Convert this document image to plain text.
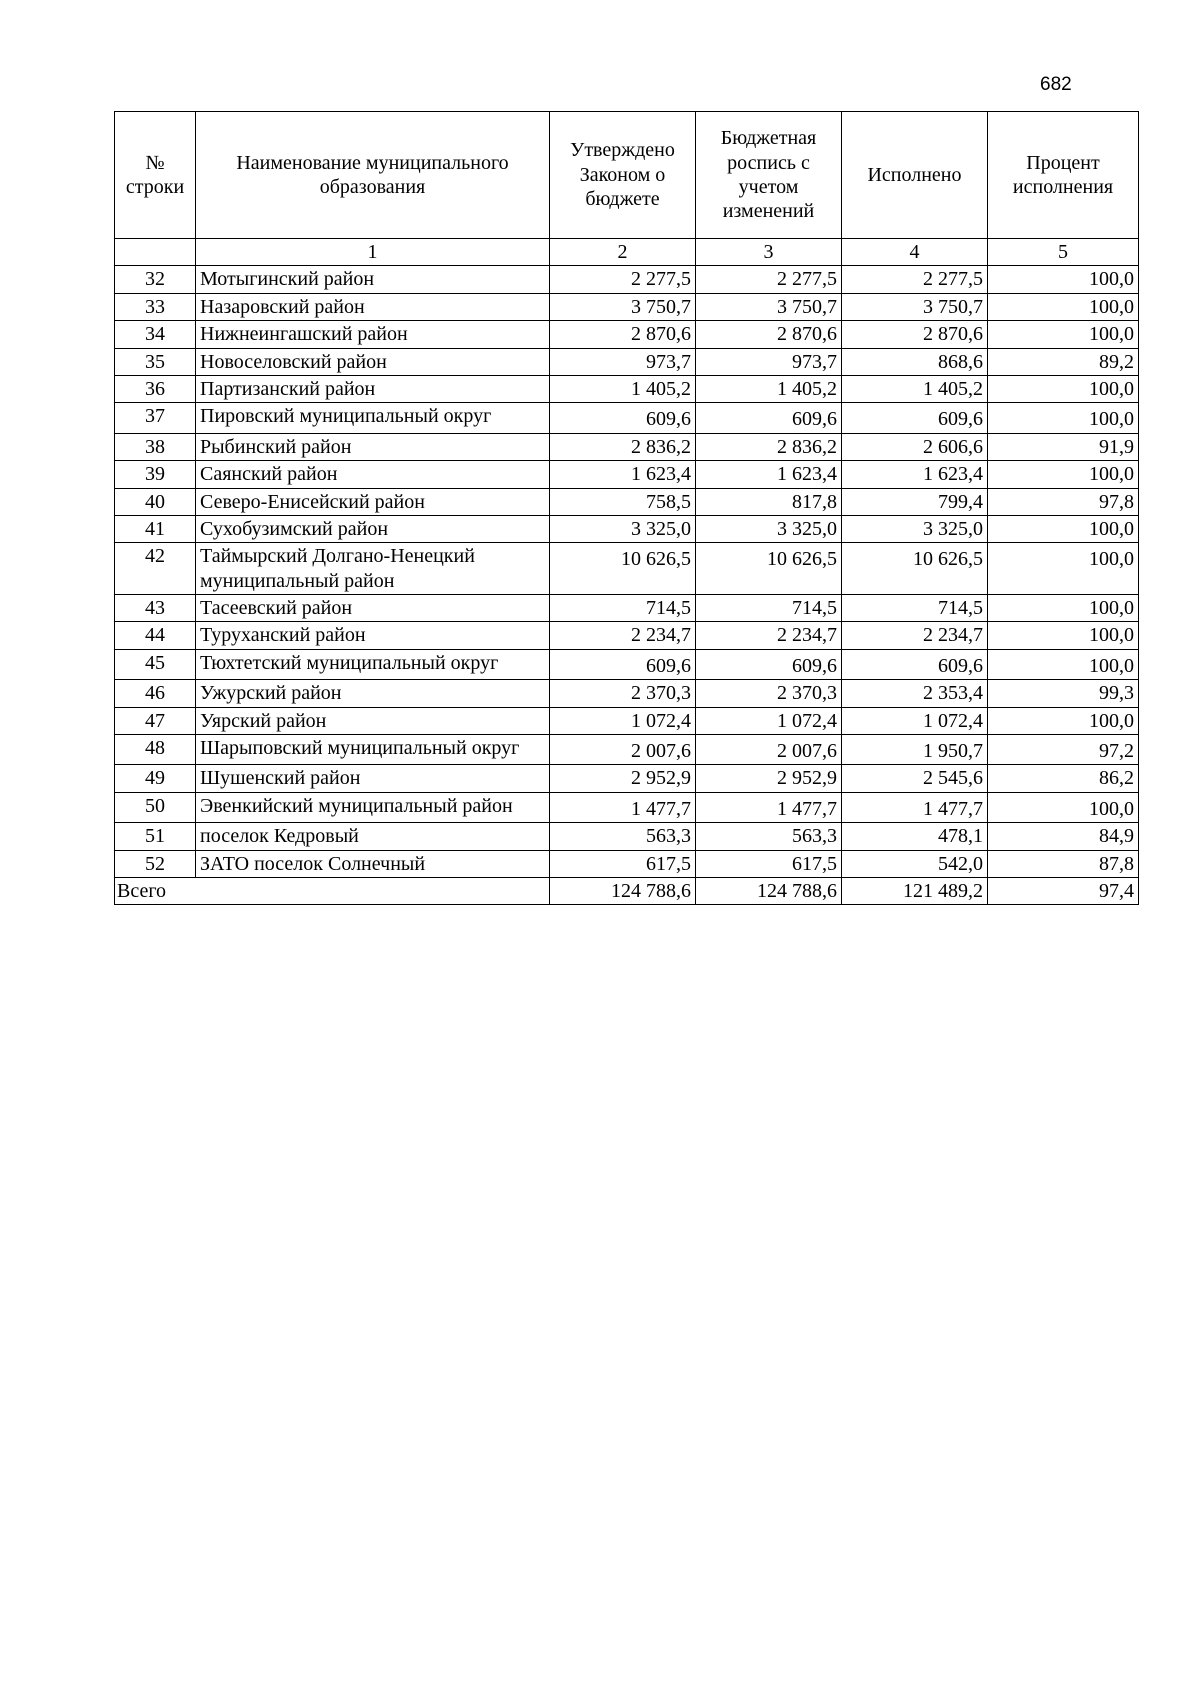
682
№ строки	Наименование муниципального образования	Утверждено Законом о бюджете	Бюджетная роспись с учетом изменений	Исполнено	Процент исполнения
	1	2	3	4	5
32	Мотыгинский район	2 277,5	2 277,5	2 277,5	100,0
33	Назаровский район	3 750,7	3 750,7	3 750,7	100,0
34	Нижнеингашский район	2 870,6	2 870,6	2 870,6	100,0
35	Новоселовский район	973,7	973,7	868,6	89,2
36	Партизанский район	1 405,2	1 405,2	1 405,2	100,0
37	Пировский муниципальный округ	609,6	609,6	609,6	100,0
38	Рыбинский район	2 836,2	2 836,2	2 606,6	91,9
39	Саянский район	1 623,4	1 623,4	1 623,4	100,0
40	Северо-Енисейский район	758,5	817,8	799,4	97,8
41	Сухобузимский район	3 325,0	3 325,0	3 325,0	100,0
42	Таймырский Долгано-Ненецкий муниципальный район	10 626,5	10 626,5	10 626,5	100,0
43	Тасеевский район	714,5	714,5	714,5	100,0
44	Туруханский район	2 234,7	2 234,7	2 234,7	100,0
45	Тюхтетский муниципальный округ	609,6	609,6	609,6	100,0
46	Ужурский район	2 370,3	2 370,3	2 353,4	99,3
47	Уярский район	1 072,4	1 072,4	1 072,4	100,0
48	Шарыповский муниципальный округ	2 007,6	2 007,6	1 950,7	97,2
49	Шушенский район	2 952,9	2 952,9	2 545,6	86,2
50	Эвенкийский муниципальный район	1 477,7	1 477,7	1 477,7	100,0
51	поселок Кедровый	563,3	563,3	478,1	84,9
52	ЗАТО поселок Солнечный	617,5	617,5	542,0	87,8
Всего		124 788,6	124 788,6	121 489,2	97,4
